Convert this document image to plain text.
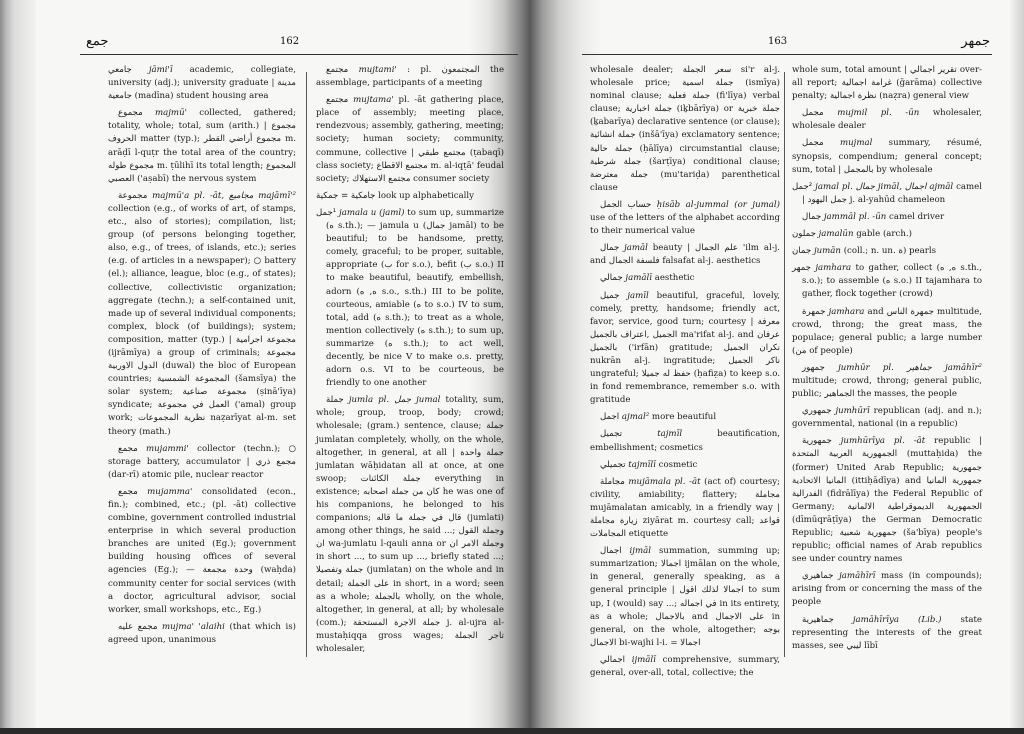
جمع	162

جامعي jāmi'ī academic, collegiate, university (adj.); university graduate | مدينة جامعية (madīna) student housing area

مجموع majmū' collected, gathered; totality, whole; total, sum (arith.) | مجموع الحروف matter (typ.); مجموع أراضي القطر m. arāḍī l-quṭr the total area of the country; مجموع طوله m. ṭūlihī its total length; المجموع العصبي ('aṣabī) the nervous system

مجموعة majmū'a pl. -āt, مجاميع majāmī'² collection (e.g., of works of art, of stamps, etc., also of stories); compilation, list; group (of persons belonging together, also, e.g., of trees, of islands, etc.); series (e.g. of articles in a newspaper); ○ battery (el.); alliance, league, bloc (e.g., of states); collective, collectivistic organization; aggregate (techn.); a self-contained unit, made up of several individual components; complex, block (of buildings); system; composition, matter (typ.) | مجموعة اجرامية (ijrāmīya) a group of criminals; مجموعة الدول الاوربية (duwal) the bloc of European countries; المجموعة الشمسية (šamsīya) the solar system; مجموعة صناعية (ṣinā'īya) syndicate; العمل في مجموعة ('amal) group work; نظرية المجموعات naẓarīyat al-m. set theory (math.)

مجمع mujammi' collector (techn.); ○ storage battery, accumulator | مجمع ذري (dar-rī) atomic pile, nuclear reactor

مجمع mujamma' consolidated (econ., fin.); combined, etc.; (pl. -āt) collective combine, government controlled industrial enterprise in which several production branches are united (Eg.); government building housing offices of several agencies (Eg.); — وحدة مجمعة (waḥda) community center for social services (with a doctor, agricultural advisor, social worker, small workshops, etc., Eg.)

مجمع عليه mujma' 'alaihi (that which is) agreed upon, unanimous

مجتمع mujtami' : pl. المجتمعون the assemblage, participants of a meeting

مجتمع mujtama' pl. -āt gathering place, place of assembly; meeting place, rendezvous; assembly, gathering, meeting; society; human society; community, commune, collective | مجتمع طبقي (ṭabaqī) class society; مجتمع الاقطاع m. al-iqṭā' feudal society; مجتمع الاستهلاك consumer society

جامكية = جمكية look up alphabetically

¹جمل jamala u (jaml) to sum up, summarize (ه s.th.); — jamula u (جمال jamāl) to be beautiful; to be handsome, pretty, comely, graceful; to be proper, suitable, appropriate (ب for s.o.), befit (ب s.o.) II to make beautiful, beautify, embellish, adorn (ه, ه s.o., s.th.) III to be polite, courteous, amiable (ه to s.o.) IV to sum, total, add (ه s.th.); to treat as a whole, mention collectively (ه s.th.); to sum up, summarize (ه s.th.); to act well, decently, be nice V to make o.s. pretty, adorn o.s. VI to be courteous, be friendly to one another

جملة jumla pl. جمل jumal totality, sum, whole; group, troop, body; crowd; wholesale; (gram.) sentence, clause; جملة jumlatan completely, wholly, on the whole, altogether, in general, at all | جملة واحدة jumlatan wāḥidatan all at once, at one swoop; جملة الكائنات everything in existence; كان من جملة اصحابه he was one of his companions, he belonged to his companions; قال في جملة ما قاله (jumlati) among other things, he said ...; وجملة القول ان wa-jumlatu l-qauli anna or وجملة الامر ان in short ..., to sum up ..., briefly stated ...; جملة وتفصيلا (jumlatan) on the whole and in detail; على الجملة in short, in a word; seen as a whole; بالجملة wholly, on the whole, altogether, in general, at all; by wholesale (com.); جملة الاجرة المستحقة j. al-ujra al-mustaḥiqqa gross wages; تاجر الجملة wholesaler,

163	جمهر

wholesale dealer; سعر الجملة si'r al-j. wholesale price; جملة اسمية (ismīya) nominal clause; جملة فعلية (fi'līya) verbal clause; جملة اخبارية (iḵbārīya) or جملة خبرية (ḵabarīya) declarative sentence (or clause); جملة انشائية (inšā'īya) exclamatory sentence; جملة حالية (ḥālīya) circumstantial clause; جملة شرطية (šarṭīya) conditional clause; جملة معترضة (mu'tariḍa) parenthetical clause

حساب الجمل ḥisāb al-jummal (or jumal) use of the letters of the alphabet according to their numerical value

جمال jamāl beauty | علم الجمال 'ilm al-j. and فلسفة الجمال falsafat al-j. aesthetics

جمالي jamālī aesthetic

جميل jamīl beautiful, graceful, lovely, comely, pretty, handsome; friendly act, favor, service, good turn; courtesy | معرفة الجميل ,اعتراف بالجميل ma'rifat al-j. and عرفان بالجميل ('irfān) gratitude; نكران الجميل nukrān al-j. ingratitude; ناكر الجميل ungrateful; حفظ له جميلا (ḥafiẓa) to keep s.o. in fond remembrance, remember s.o. with gratitude

اجمل ajmal² more beautiful

تجميل	tajmīl	beautification, embellishment; cosmetics

تجميلي tajmīlī cosmetic

مجاملة mujāmala pl. -āt (act of) courtesy; civility, amiability; flattery; مجاملة mujāmalatan amicably, in a friendly way | زيارة مجاملة ziyārat m. courtesy call; قواعد المجاملات etiquette

اجمال ijmāl summation, summing up; summarization; اجمالا ijmālan on the whole, in general, generally speaking, as a general principle | اجمالا لذلك اقول to sum up, I (would) say ...; في اجماله in its entirety, as a whole; بالاجمال and على الاجمال in general, on the whole, altogether; بوجه الاجمال bi-wajhi l-i. = اجمالا

اجمالي ijmālī comprehensive, summary, general, over-all, total, collective; the

whole sum, total amount | تقرير اجمالي over-all report; غرامة اجمالية (ḡarāma) collective penalty; نظرة اجمالية (naẓra) general view

مجمل mujmil pl. -ūn wholesaler, wholesale dealer

مجمل mujmal summary, résumé, synopsis, compendium; general concept; sum, total | بالمجمل by wholesale

²جمل jamal pl. جمال jimāl, اجمال ajmāl camel | جمل اليهود j. al-yahūd chameleon

جمال jammāl pl. -ūn camel driver

جملون jamalūn gable (arch.)

جمان jumān (coll.; n. un. ة) pearls

جمهر jamhara to gather, collect (ه, ه s.th., s.o.); to assemble (ه s.o.) II tajamhara to gather, flock together (crowd)

جمهرة jamhara and جمهرة الناس multitude, crowd, throng; the great mass, the populace; general public; a large number (من of people)

جمهور jumhūr pl. جماهير jamāhīr² multitude; crowd, throng; general public, public; الجماهير the masses, the people

جمهوري jumhūrī republican (adj. and n.); governmental, national (in a republic)

جمهورية jumhūrīya pl. -āt republic | الجمهورية العربية المتحدة (muttaḥida) the (former) United Arab Republic; جمهورية المانيا الاتحادية (ittiḥādīya) and جمهورية المانيا الفدرالية (fidrālīya) the Federal Republic of Germany; الجمهورية الديموقراطية الالمانية (dīmūqrāṭīya) the German Democratic Republic; جمهورية شعبية (ša'bīya) people's republic; official names of Arab republics see under country names

جماهيري jamāhīrī mass (in compounds); arising from or concerning the mass of the people

جماهيرية jamāhīrīya (Lib.) state representing the interests of the great masses, see ليبي lībī
